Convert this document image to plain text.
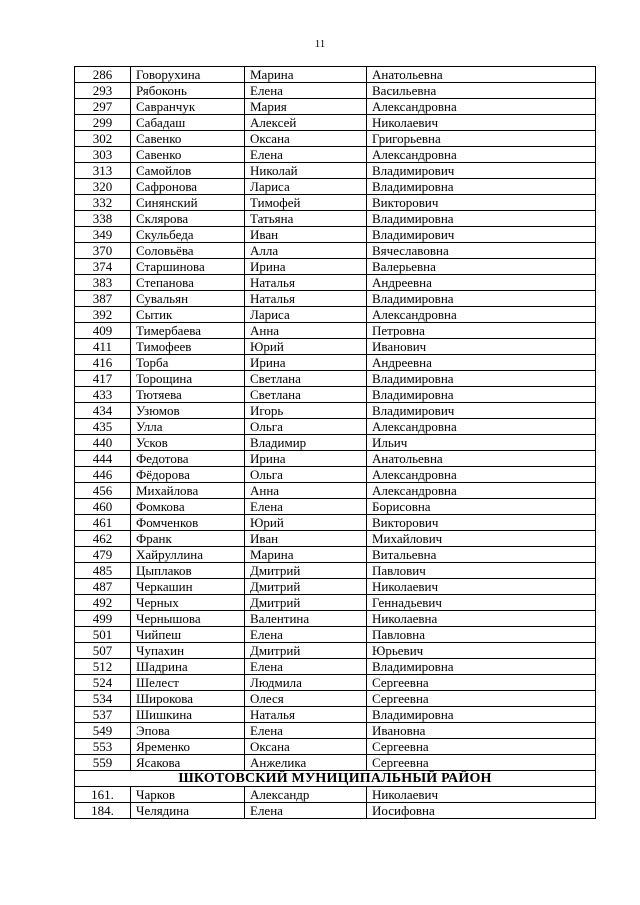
11
286	Говорухина	Марина	Анатольевна
293	Рябоконь	Елена	Васильевна
297	Савранчук	Мария	Александровна
299	Сабадаш	Алексей	Николаевич
302	Савенко	Оксана	Григорьевна
303	Савенко	Елена	Александровна
313	Самойлов	Николай	Владимирович
320	Сафронова	Лариса	Владимировна
332	Синянский	Тимофей	Викторович
338	Склярова	Татьяна	Владимировна
349	Скульбеда	Иван	Владимирович
370	Соловьёва	Алла	Вячеславовна
374	Старшинова	Ирина	Валерьевна
383	Степанова	Наталья	Андреевна
387	Сувальян	Наталья	Владимировна
392	Сытик	Лариса	Александровна
409	Тимербаева	Анна	Петровна
411	Тимофеев	Юрий	Иванович
416	Торба	Ирина	Андреевна
417	Торощина	Светлана	Владимировна
433	Тютяева	Светлана	Владимировна
434	Узюмов	Игорь	Владимирович
435	Улла	Ольга	Александровна
440	Усков	Владимир	Ильич
444	Федотова	Ирина	Анатольевна
446	Фёдорова	Ольга	Александровна
456	Михайлова	Анна	Александровна
460	Фомкова	Елена	Борисовна
461	Фомченков	Юрий	Викторович
462	Франк	Иван	Михайлович
479	Хайруллина	Марина	Витальевна
485	Цыплаков	Дмитрий	Павлович
487	Черкашин	Дмитрий	Николаевич
492	Черных	Дмитрий	Геннадьевич
499	Чернышова	Валентина	Николаевна
501	Чийпеш	Елена	Павловна
507	Чупахин	Дмитрий	Юрьевич
512	Шадрина	Елена	Владимировна
524	Шелест	Людмила	Сергеевна
534	Широкова	Олеся	Сергеевна
537	Шишкина	Наталья	Владимировна
549	Эпова	Елена	Ивановна
553	Яременко	Оксана	Сергеевна
559	Ясакова	Анжелика	Сергеевна
ШКОТОВСКИЙ МУНИЦИПАЛЬНЫЙ РАЙОН			
161.	Чарков	Александр	Николаевич
184.	Челядина	Елена	Иосифовна
